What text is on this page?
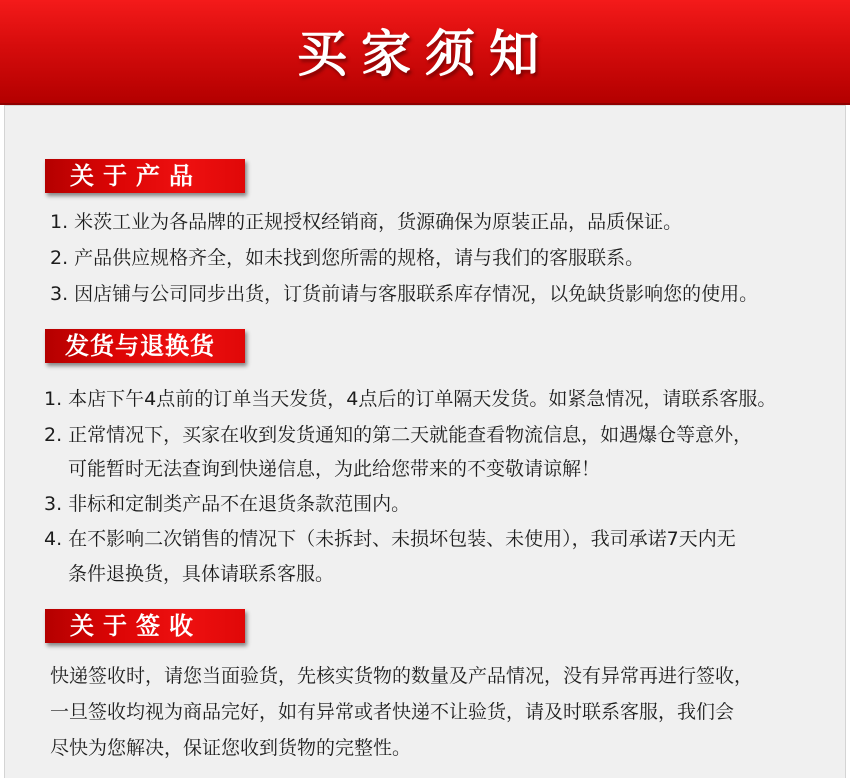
买家须知
关于产品
1. 米茨工业为各品牌的正规授权经销商，货源确保为原装正品，品质保证。
2. 产品供应规格齐全，如未找到您所需的规格，请与我们的客服联系。
3. 因店铺与公司同步出货，订货前请与客服联系库存情况，以免缺货影响您的使用。
发货与退换货
1. 本店下午4点前的订单当天发货，4点后的订单隔天发货。如紧急情况，请联系客服。
2. 正常情况下，买家在收到发货通知的第二天就能查看物流信息，如遇爆仓等意外，
可能暂时无法查询到快递信息，为此给您带来的不变敬请谅解！
3. 非标和定制类产品不在退货条款范围内。
4. 在不影响二次销售的情况下（未拆封、未损坏包装、未使用），我司承诺7天内无
条件退换货，具体请联系客服。
关于签收
快递签收时，请您当面验货，先核实货物的数量及产品情况，没有异常再进行签收，
一旦签收均视为商品完好，如有异常或者快递不让验货，请及时联系客服，我们会
尽快为您解决，保证您收到货物的完整性。
